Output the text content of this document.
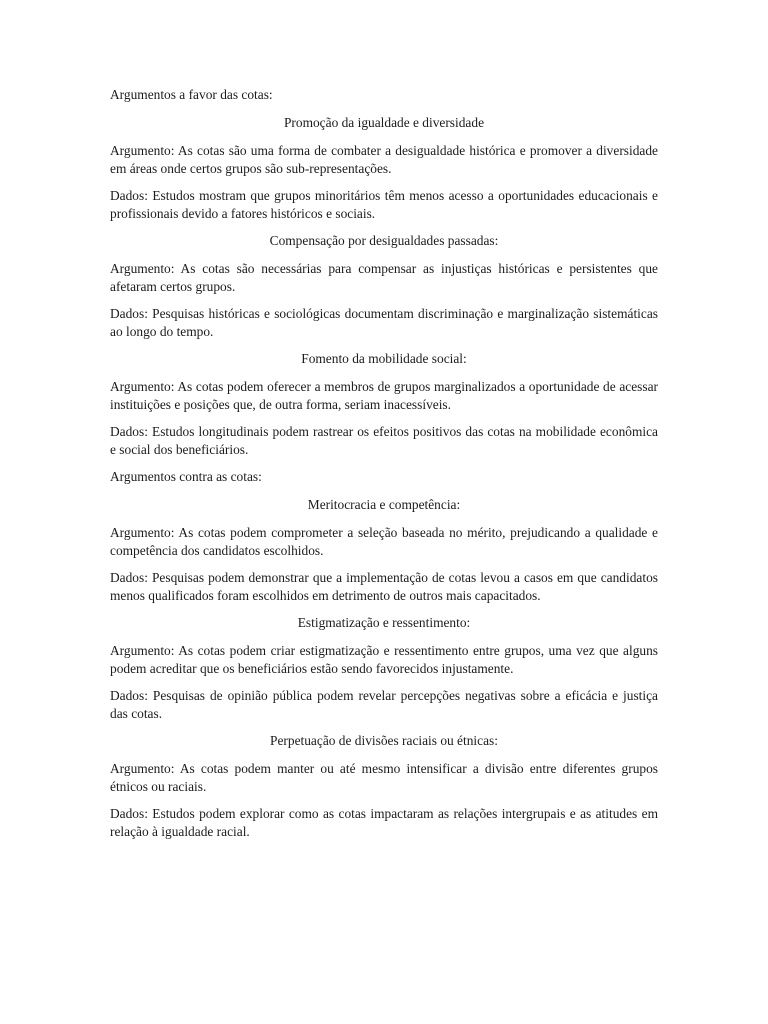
Argumentos a favor das cotas:

Promoção da igualdade e diversidade

Argumento: As cotas são uma forma de combater a desigualdade histórica e promover a diversidade em áreas onde certos grupos são sub-representações.

Dados: Estudos mostram que grupos minoritários têm menos acesso a oportunidades educacionais e profissionais devido a fatores históricos e sociais.

Compensação por desigualdades passadas:

Argumento: As cotas são necessárias para compensar as injustiças históricas e persistentes que afetaram certos grupos.

Dados: Pesquisas históricas e sociológicas documentam discriminação e marginalização sistemáticas ao longo do tempo.

Fomento da mobilidade social:

Argumento: As cotas podem oferecer a membros de grupos marginalizados a oportunidade de acessar instituições e posições que, de outra forma, seriam inacessíveis.

Dados: Estudos longitudinais podem rastrear os efeitos positivos das cotas na mobilidade econômica e social dos beneficiários.

Argumentos contra as cotas:

Meritocracia e competência:

Argumento: As cotas podem comprometer a seleção baseada no mérito, prejudicando a qualidade e competência dos candidatos escolhidos.

Dados: Pesquisas podem demonstrar que a implementação de cotas levou a casos em que candidatos menos qualificados foram escolhidos em detrimento de outros mais capacitados.

Estigmatização e ressentimento:

Argumento: As cotas podem criar estigmatização e ressentimento entre grupos, uma vez que alguns podem acreditar que os beneficiários estão sendo favorecidos injustamente.

Dados: Pesquisas de opinião pública podem revelar percepções negativas sobre a eficácia e justiça das cotas.

Perpetuação de divisões raciais ou étnicas:

Argumento: As cotas podem manter ou até mesmo intensificar a divisão entre diferentes grupos étnicos ou raciais.

Dados: Estudos podem explorar como as cotas impactaram as relações intergrupais e as atitudes em relação à igualdade racial.
